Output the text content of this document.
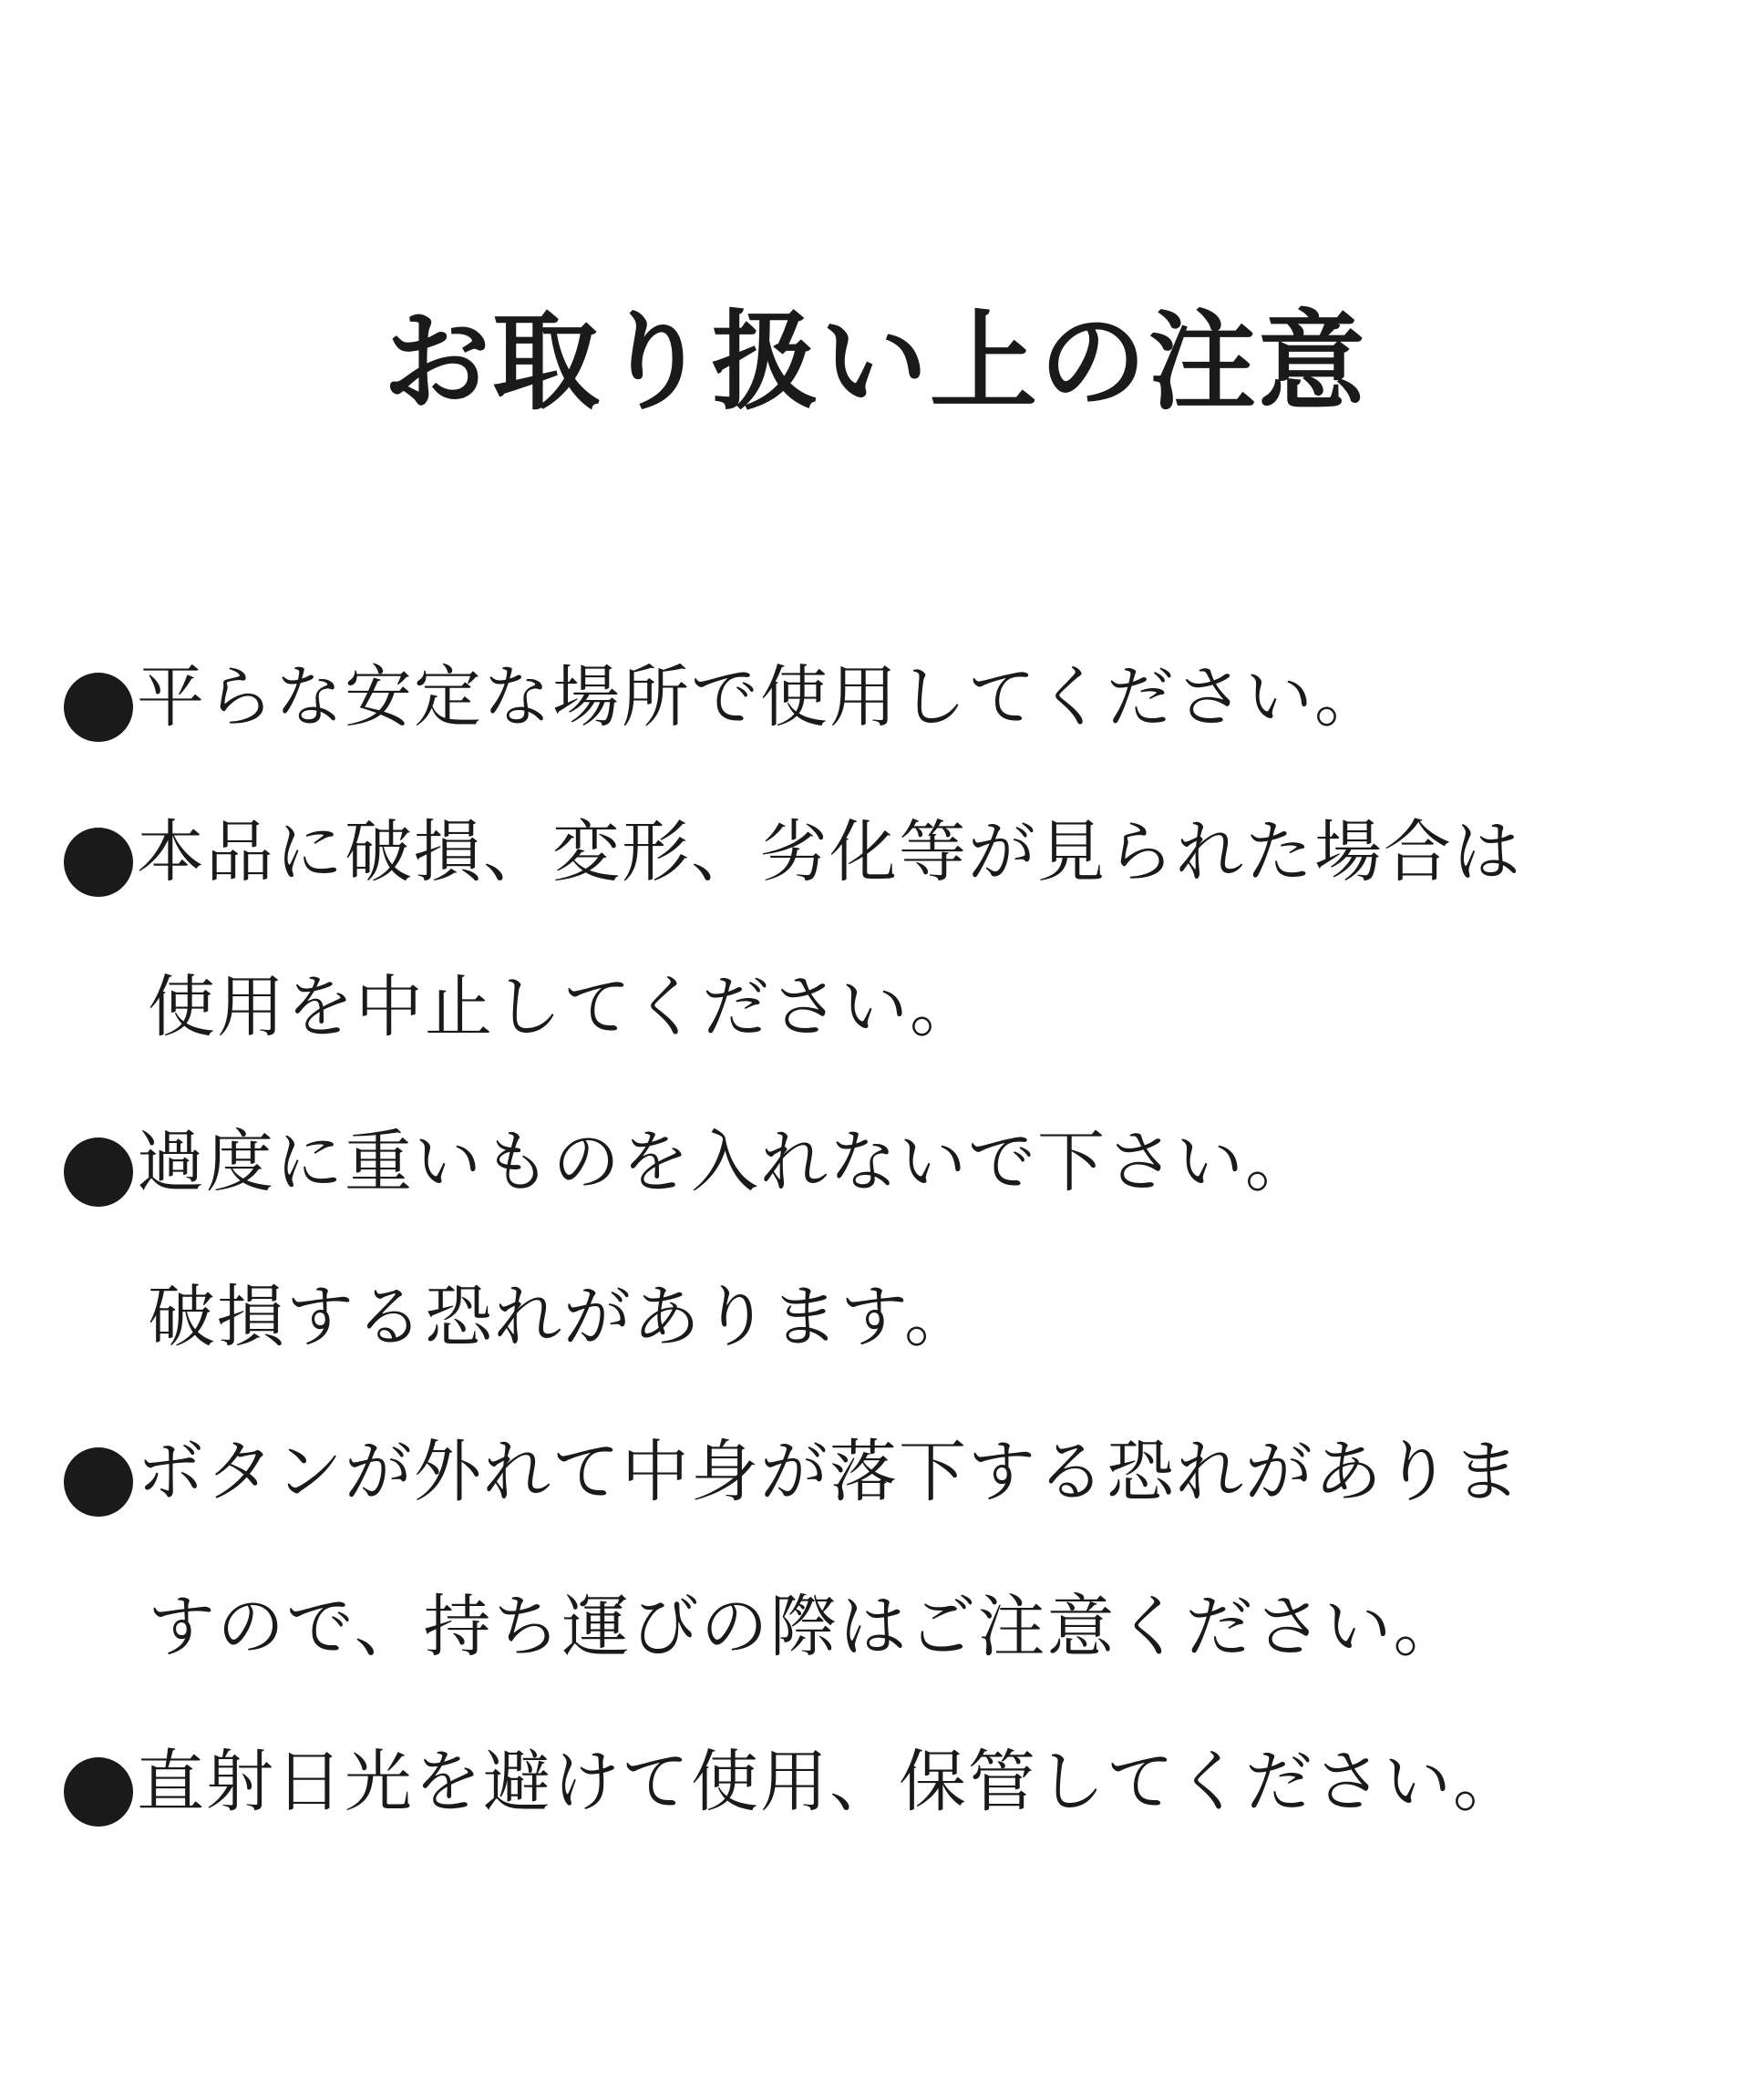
お取り扱い上の注意
平らな安定な場所で使用してください。
本品に破損、変形、劣化等が見られた場合は
使用を中止してください。
過度に重いものを入れないで下さい。
破損する恐れがあります。
ボタンが外れて中身が落下する恐れがありま
すので、持ち運びの際はご注意ください。
直射日光を避けて使用、保管してください。
